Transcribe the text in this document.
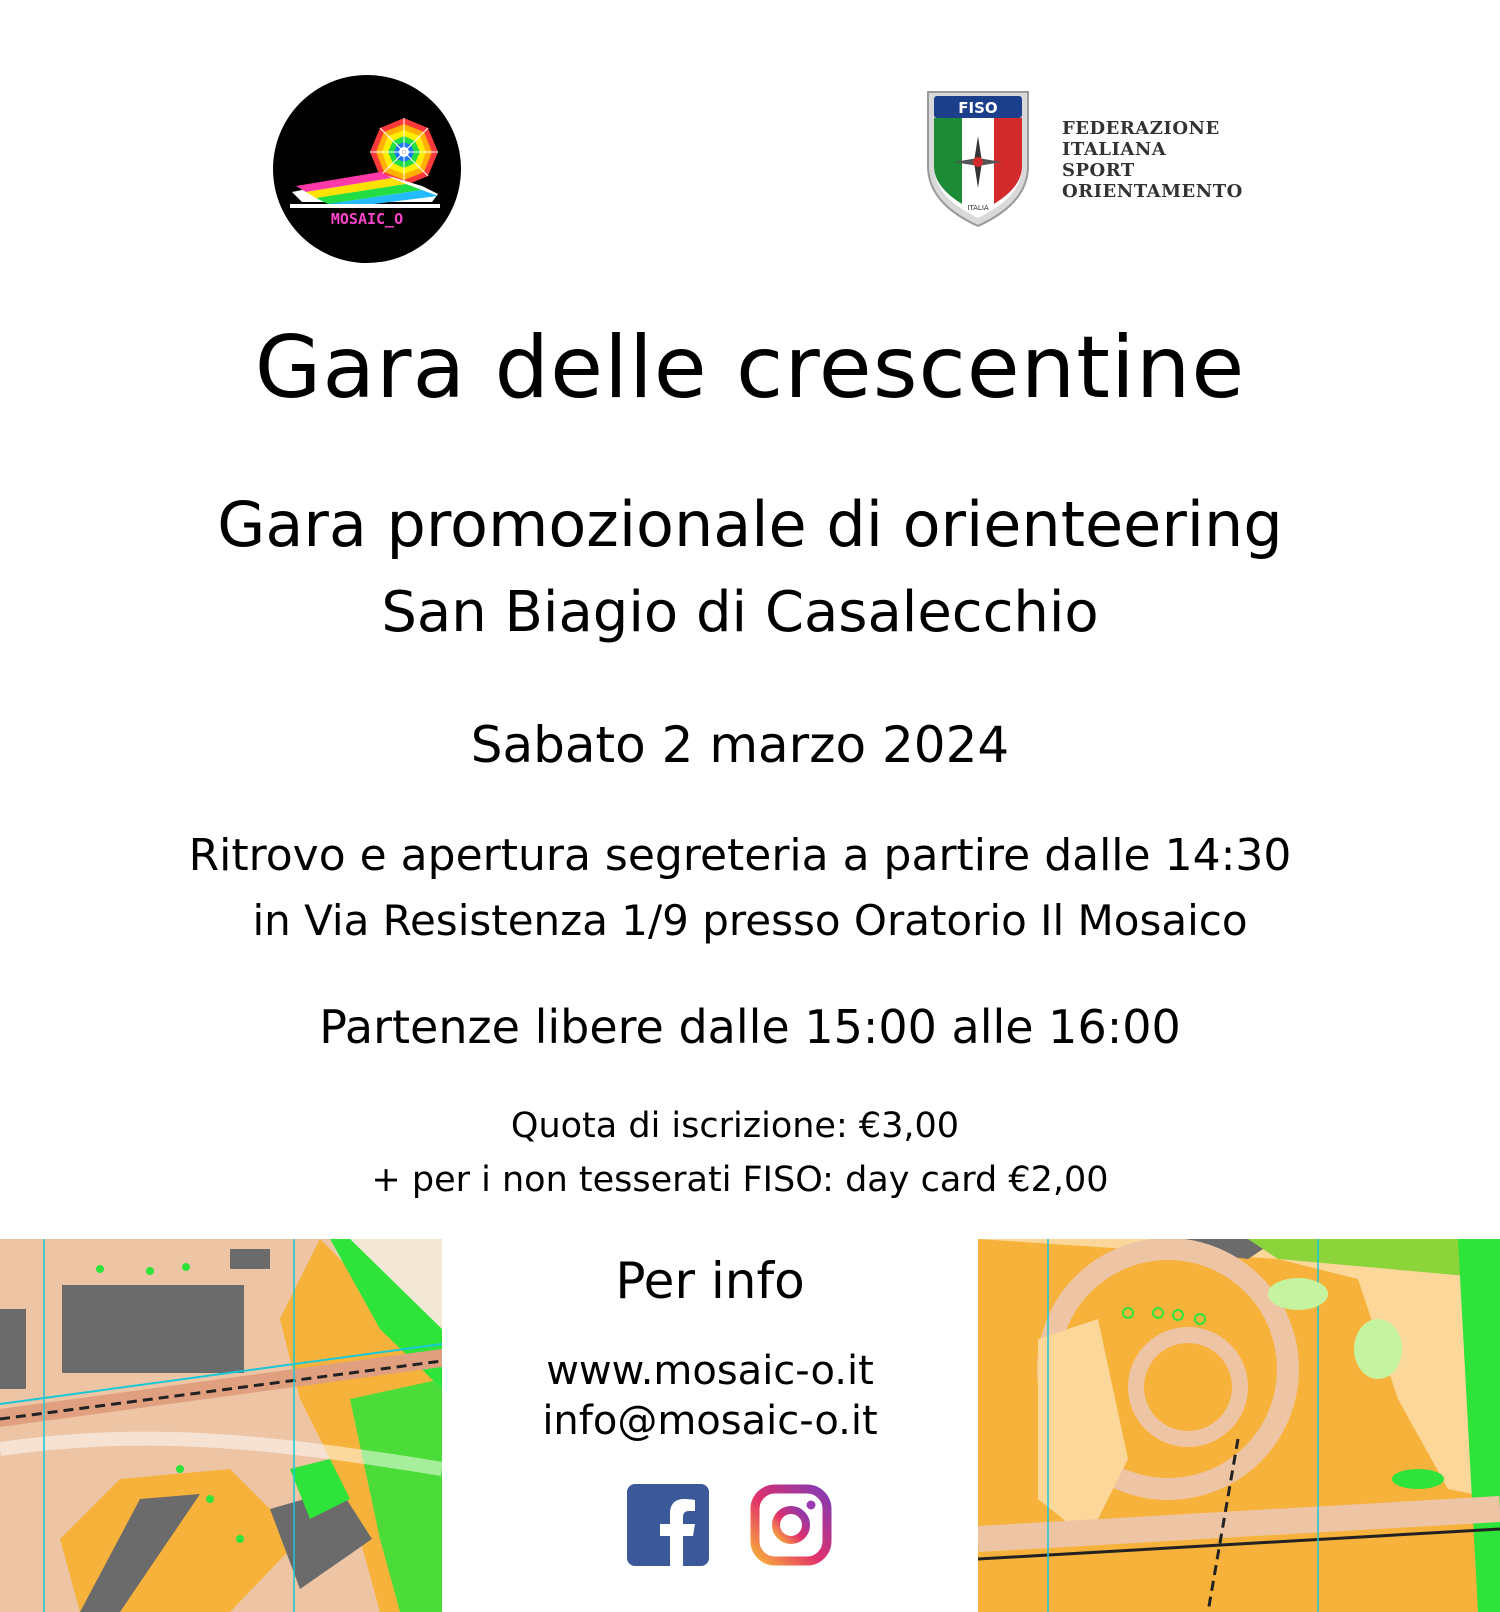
MOSAIC_O
FISO
ITALIA
FEDERAZIONE
ITALIANA
SPORT
ORIENTAMENTO
Gara delle crescentine
Gara promozionale di orienteering
San Biagio di Casalecchio
Sabato 2 marzo 2024
Ritrovo e apertura segreteria a partire dalle 14:30
in Via Resistenza 1/9 presso Oratorio Il Mosaico
Partenze libere dalle 15:00 alle 16:00
Quota di iscrizione: €3,00
+ per i non tesserati FISO: day card €2,00
Per info
www.mosaic-o.it
info@mosaic-o.it
